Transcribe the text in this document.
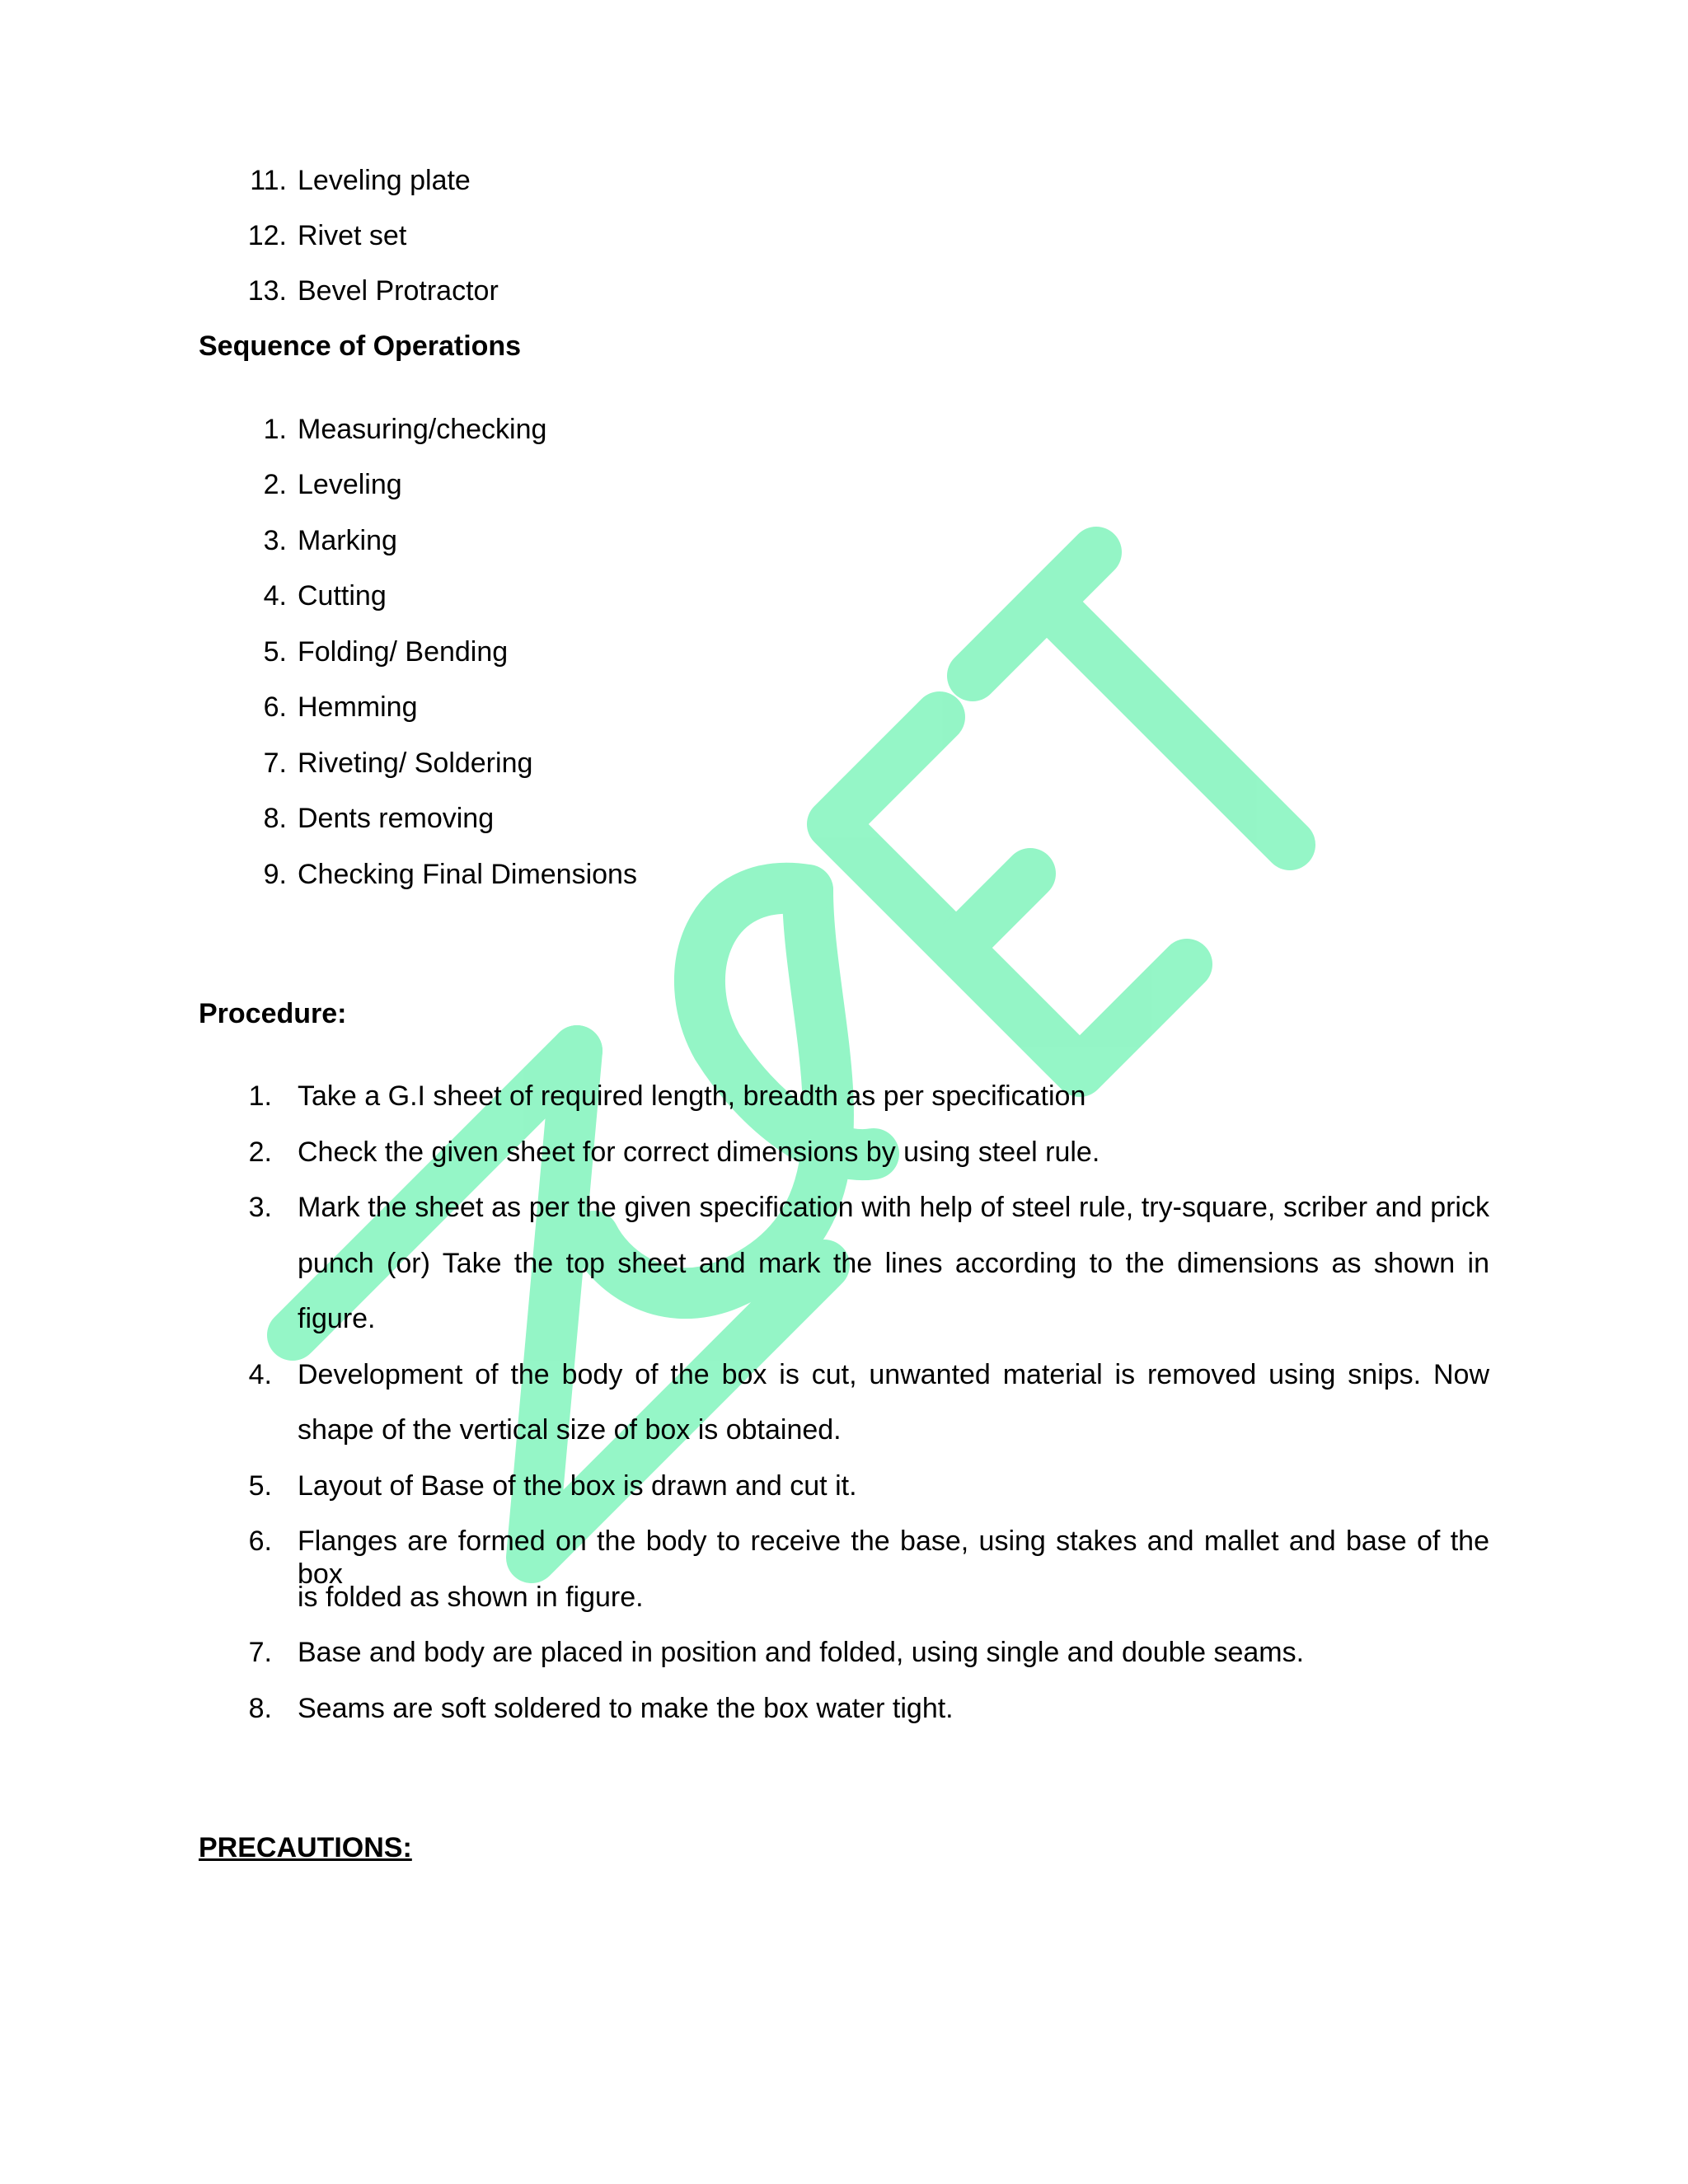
11. Leveling plate
12. Rivet set
13. Bevel Protractor
Sequence of Operations
1. Measuring/checking
2. Leveling
3. Marking
4. Cutting
5. Folding/ Bending
6. Hemming
7. Riveting/ Soldering
8. Dents removing
9. Checking Final Dimensions
Procedure:
1. Take a G.I sheet of required length, breadth as per specification
2. Check the given sheet for correct dimensions by using steel rule.
3. Mark the sheet as per the given specification with help of steel rule, try-square, scriber and prick
punch (or) Take the top sheet and mark the lines according to the dimensions as shown in
figure.
4. Development of the body of the box is cut, unwanted material is removed using snips. Now
shape of the vertical size of box is obtained.
5. Layout of Base of the box is drawn and cut it.
6. Flanges are formed on the body to receive the base, using stakes and mallet and base of the box
is folded as shown in figure.
7. Base and body are placed in position and folded, using single and double seams.
8. Seams are soft soldered to make the box water tight.
PRECAUTIONS:
